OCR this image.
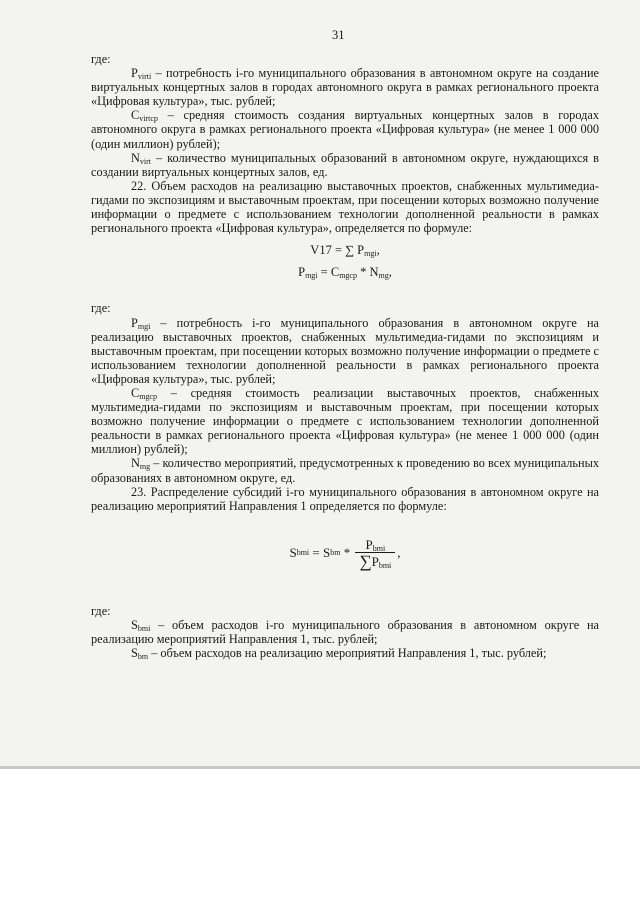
31

где:

$P_{virti}$ – потребность i-го муниципального образования в автономном округе на создание виртуальных концертных залов в городах автономного округа в рамках регионального проекта «Цифровая культура», тыс. рублей;

$C_{virtср}$ – средняя стоимость создания виртуальных концертных залов в городах автономного округа в рамках регионального проекта «Цифровая культура» (не менее 1 000 000 (один миллион) рублей);

$N_{virt}$ – количество муниципальных образований в автономном округе, нуждающихся в создании виртуальных концертных залов, ед.

22. Объем расходов на реализацию выставочных проектов, снабженных мультимедиа-гидами по экспозициям и выставочным проектам, при посещении которых возможно получение информации о предмете с использованием технологии дополненной реальности в рамках регионального проекта «Цифровая культура», определяется по формуле:

V17 = ∑ $P_{mgi}$,

$P_{mgi} = C_{mgср} * N_{mg}$,

где:

$P_{mgi}$ – потребность i-го муниципального образования в автономном округе на реализацию выставочных проектов, снабженных мультимедиа-гидами по экспозициям и выставочным проектам, при посещении которых возможно получение информации о предмете с использованием технологии дополненной реальности в рамках регионального проекта «Цифровая культура», тыс. рублей;

$C_{mgср}$ – средняя стоимость реализации выставочных проектов, снабженных мультимедиа-гидами по экспозициям и выставочным проектам, при посещении которых возможно получение информации о предмете с использованием технологии дополненной реальности в рамках регионального проекта «Цифровая культура» (не менее 1 000 000 (один миллион) рублей);

$N_{mg}$ – количество мероприятий, предусмотренных к проведению во всех муниципальных образованиях в автономном округе, ед.

23. Распределение субсидий i-го муниципального образования в автономном округе на реализацию мероприятий Направления 1 определяется по формуле:

S bmi = S bm * $\frac{P_{bmi}}{\sum P_{bmi}}$ ,

где:

$S_{bmi}$ – объем расходов i-го муниципального образования в автономном округе на реализацию мероприятий Направления 1, тыс. рублей;

$S_{bm}$ – объем расходов на реализацию мероприятий Направления 1, тыс. рублей;
